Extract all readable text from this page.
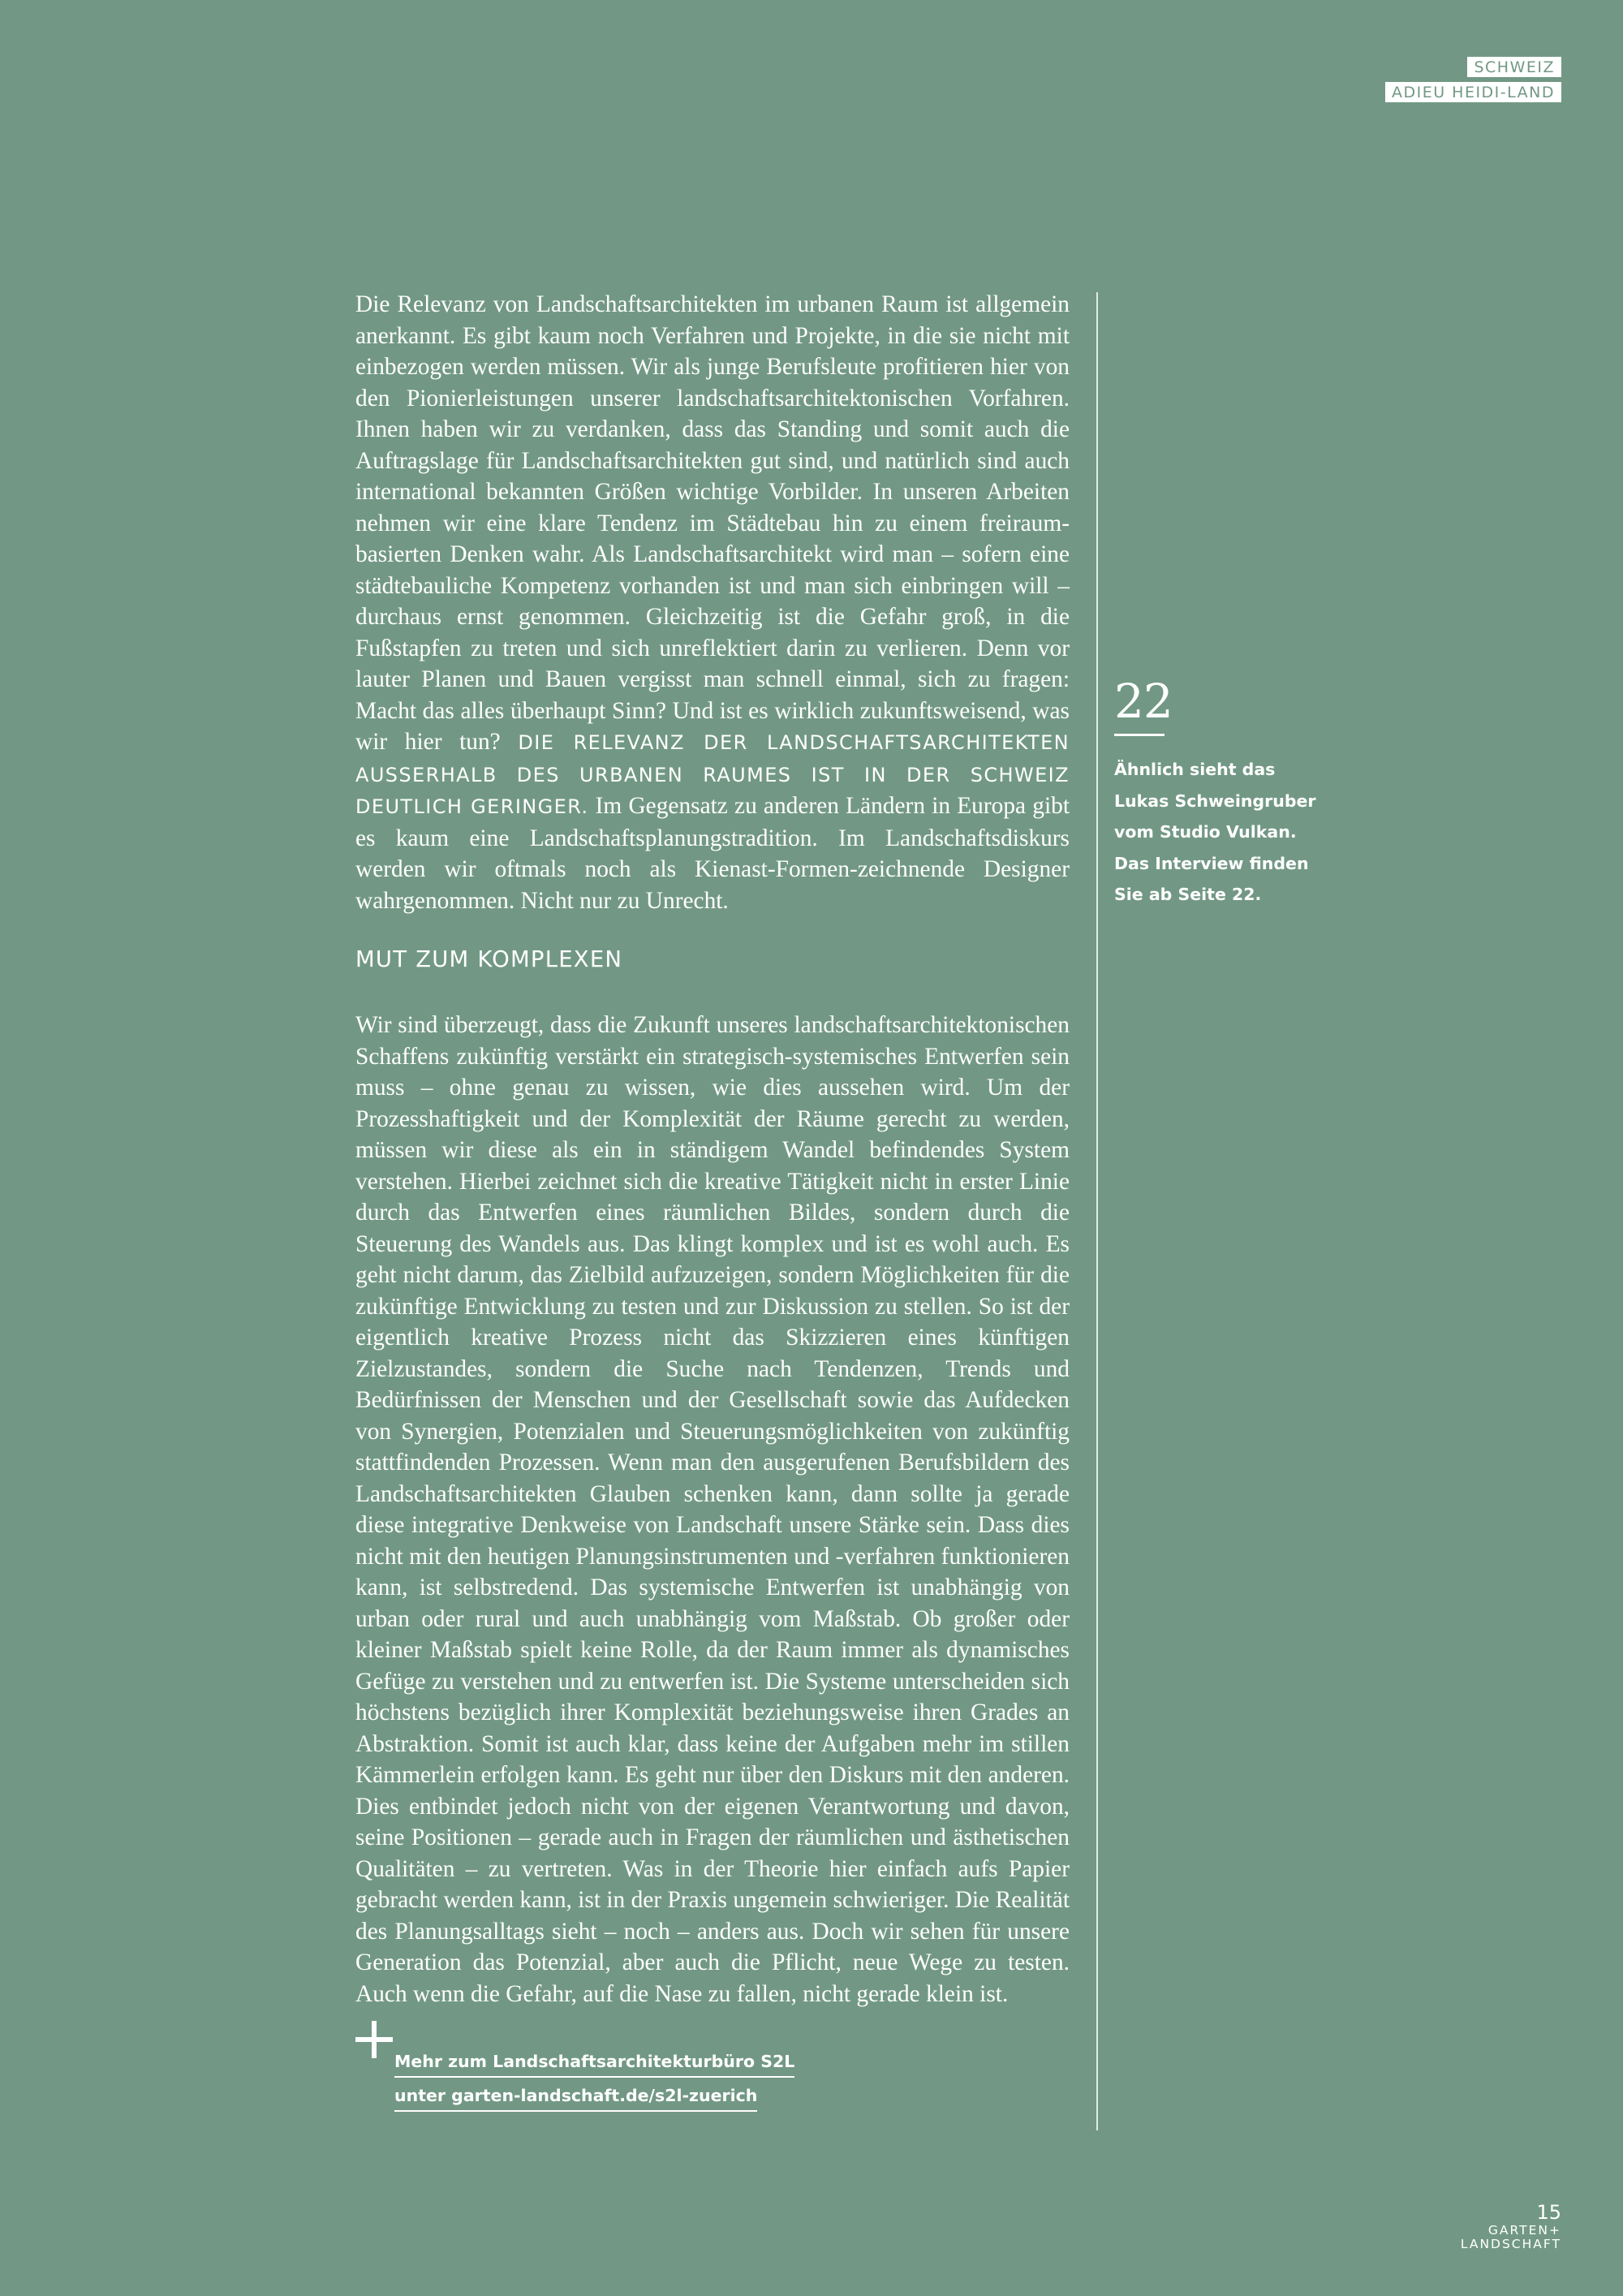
SCHWEIZ
ADIEU HEIDI-LAND

Die Relevanz von Landschaftsarchitekten im urbanen Raum ist allgemein anerkannt. Es gibt kaum noch Verfahren und Projekte, in die sie nicht mit einbezogen werden müssen. Wir als junge Berufsleute profitieren hier von den Pionierleistungen unserer landschaftsarchitektonischen Vorfahren. Ihnen haben wir zu verdanken, dass das Standing und somit auch die Auftragslage für Landschaftsarchitekten gut sind, und natürlich sind auch international bekannten Größen wichtige Vorbilder. In unseren Arbeiten nehmen wir eine klare Tendenz im Städtebau hin zu einem freiraum-basierten Denken wahr. Als Landschaftsarchitekt wird man – sofern eine städtebauliche Kompetenz vorhanden ist und man sich einbringen will – durchaus ernst genommen. Gleichzeitig ist die Gefahr groß, in die Fußstapfen zu treten und sich unreflektiert darin zu verlieren. Denn vor lauter Planen und Bauen vergisst man schnell einmal, sich zu fragen: Macht das alles überhaupt Sinn? Und ist es wirklich zukunftsweisend, was wir hier tun? DIE RELEVANZ DER LANDSCHAFTSARCHITEKTEN AUSSERHALB DES URBANEN RAUMES IST IN DER SCHWEIZ DEUTLICH GERINGER. Im Gegensatz zu anderen Ländern in Europa gibt es kaum eine Landschaftsplanungstradition. Im Landschaftsdiskurs werden wir oftmals noch als Kienast-Formen-zeichnende Designer wahrgenommen. Nicht nur zu Unrecht.

MUT ZUM KOMPLEXEN

Wir sind überzeugt, dass die Zukunft unseres landschaftsarchitektonischen Schaffens zukünftig verstärkt ein strategisch-systemisches Entwerfen sein muss – ohne genau zu wissen, wie dies aussehen wird. Um der Prozesshaftigkeit und der Komplexität der Räume gerecht zu werden, müssen wir diese als ein in ständigem Wandel befindendes System verstehen. Hierbei zeichnet sich die kreative Tätigkeit nicht in erster Linie durch das Entwerfen eines räumlichen Bildes, sondern durch die Steuerung des Wandels aus. Das klingt komplex und ist es wohl auch. Es geht nicht darum, das Zielbild aufzuzeigen, sondern Möglichkeiten für die zukünftige Entwicklung zu testen und zur Diskussion zu stellen. So ist der eigentlich kreative Prozess nicht das Skizzieren eines künftigen Zielzustandes, sondern die Suche nach Tendenzen, Trends und Bedürfnissen der Menschen und der Gesellschaft sowie das Aufdecken von Synergien, Potenzialen und Steuerungsmöglichkeiten von zukünftig stattfindenden Prozessen. Wenn man den ausgerufenen Berufsbildern des Landschaftsarchitekten Glauben schenken kann, dann sollte ja gerade diese integrative Denkweise von Landschaft unsere Stärke sein. Dass dies nicht mit den heutigen Planungsinstrumenten und -verfahren funktionieren kann, ist selbstredend. Das systemische Entwerfen ist unabhängig von urban oder rural und auch unabhängig vom Maßstab. Ob großer oder kleiner Maßstab spielt keine Rolle, da der Raum immer als dynamisches Gefüge zu verstehen und zu entwerfen ist. Die Systeme unterscheiden sich höchstens bezüglich ihrer Komplexität beziehungsweise ihren Grades an Abstraktion. Somit ist auch klar, dass keine der Aufgaben mehr im stillen Kämmerlein erfolgen kann. Es geht nur über den Diskurs mit den anderen. Dies entbindet jedoch nicht von der eigenen Verantwortung und davon, seine Positionen – gerade auch in Fragen der räumlichen und ästhetischen Qualitäten – zu vertreten. Was in der Theorie hier einfach aufs Papier gebracht werden kann, ist in der Praxis ungemein schwieriger. Die Realität des Planungsalltags sieht – noch – anders aus. Doch wir sehen für unsere Generation das Potenzial, aber auch die Pflicht, neue Wege zu testen. Auch wenn die Gefahr, auf die Nase zu fallen, nicht gerade klein ist.

22
Ähnlich sieht das
Lukas Schweingruber
vom Studio Vulkan.
Das Interview finden
Sie ab Seite 22.
Mehr zum Landschaftsarchitekturbüro S2L
unter garten-landschaft.de/s2l-zuerich
15
GARTEN+
LANDSCHAFT
